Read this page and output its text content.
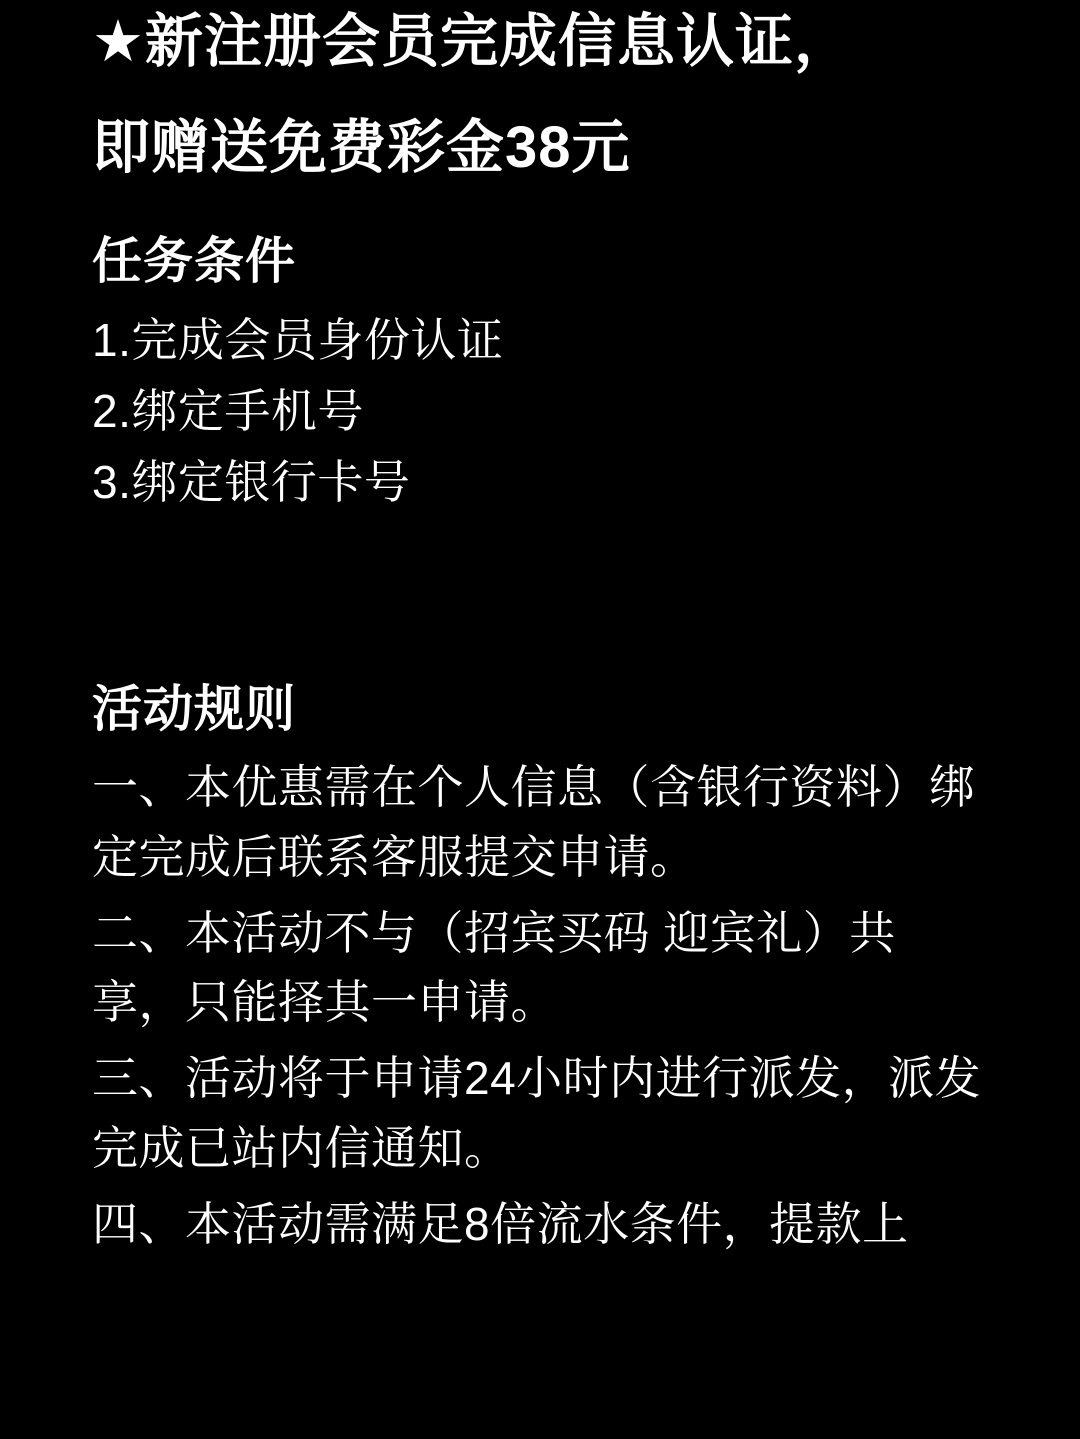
★新注册会员完成信息认证，
即赠送免费彩金38元
任务条件
1.完成会员身份认证
2.绑定手机号
3.绑定银行卡号
活动规则
一、本优惠需在个人信息（含银行资料）绑定完成后联系客服提交申请。
二、本活动不与（招宾买码 迎宾礼）共享，只能择其一申请。
三、活动将于申请24小时内进行派发，派发完成已站内信通知。
四、本活动需满足8倍流水条件，提款上
